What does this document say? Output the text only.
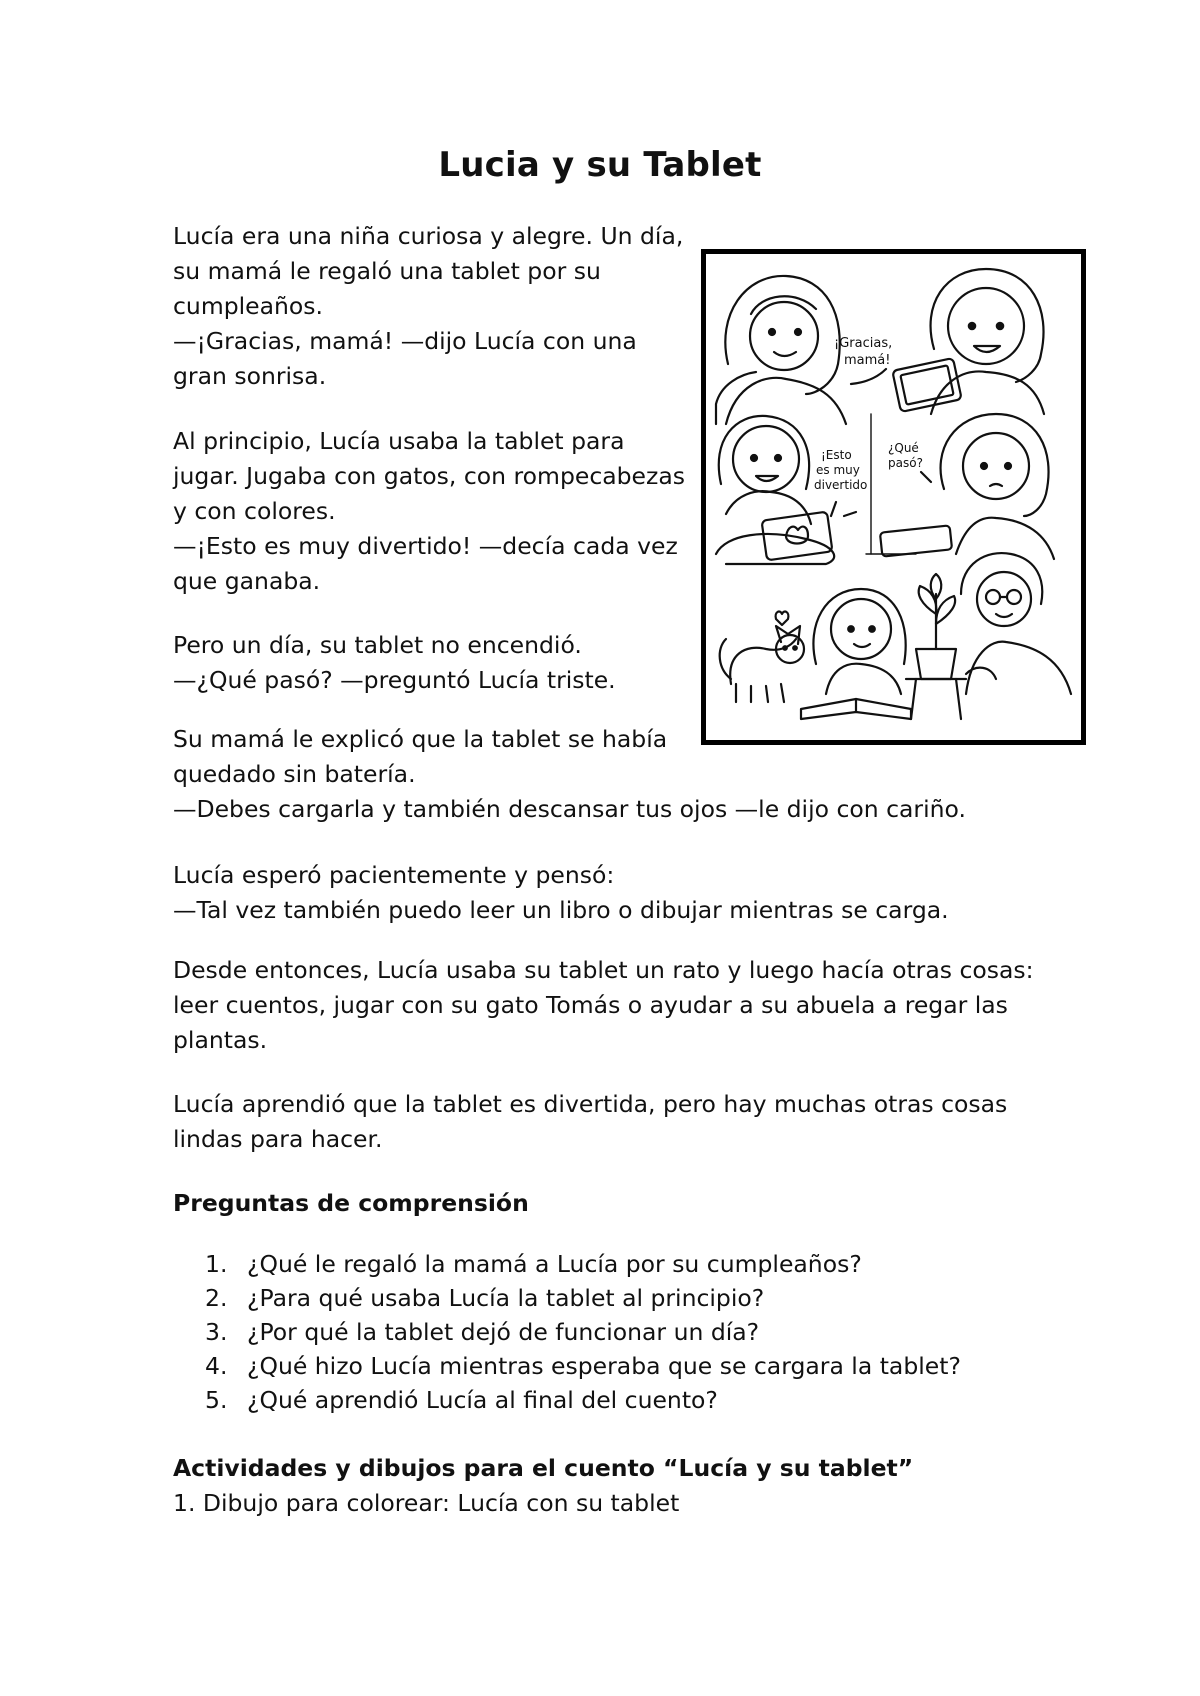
Lucia y su Tablet
Lucía era una niña curiosa y alegre. Un día,
su mamá le regaló una tablet por su
cumpleaños.
—¡Gracias, mamá! —dijo Lucía con una
gran sonrisa.
Al principio, Lucía usaba la tablet para
jugar. Jugaba con gatos, con rompecabezas
y con colores.
—¡Esto es muy divertido! —decía cada vez
que ganaba.
Pero un día, su tablet no encendió.
—¿Qué pasó? —preguntó Lucía triste.
Su mamá le explicó que la tablet se había
quedado sin batería.
—Debes cargarla y también descansar tus ojos —le dijo con cariño.
Lucía esperó pacientemente y pensó:
—Tal vez también puedo leer un libro o dibujar mientras se carga.
Desde entonces, Lucía usaba su tablet un rato y luego hacía otras cosas:
leer cuentos, jugar con su gato Tomás o ayudar a su abuela a regar las
plantas.
Lucía aprendió que la tablet es divertida, pero hay muchas otras cosas
lindas para hacer.
Preguntas de comprensión
1. ¿Qué le regaló la mamá a Lucía por su cumpleaños?
2. ¿Para qué usaba Lucía la tablet al principio?
3. ¿Por qué la tablet dejó de funcionar un día?
4. ¿Qué hizo Lucía mientras esperaba que se cargara la tablet?
5. ¿Qué aprendió Lucía al final del cuento?
Actividades y dibujos para el cuento “Lucía y su tablet”
1. Dibujo para colorear: Lucía con su tablet
¡Gracias,
mamá!
¡Esto
es muy
divertido
¿Qué
pasó?
